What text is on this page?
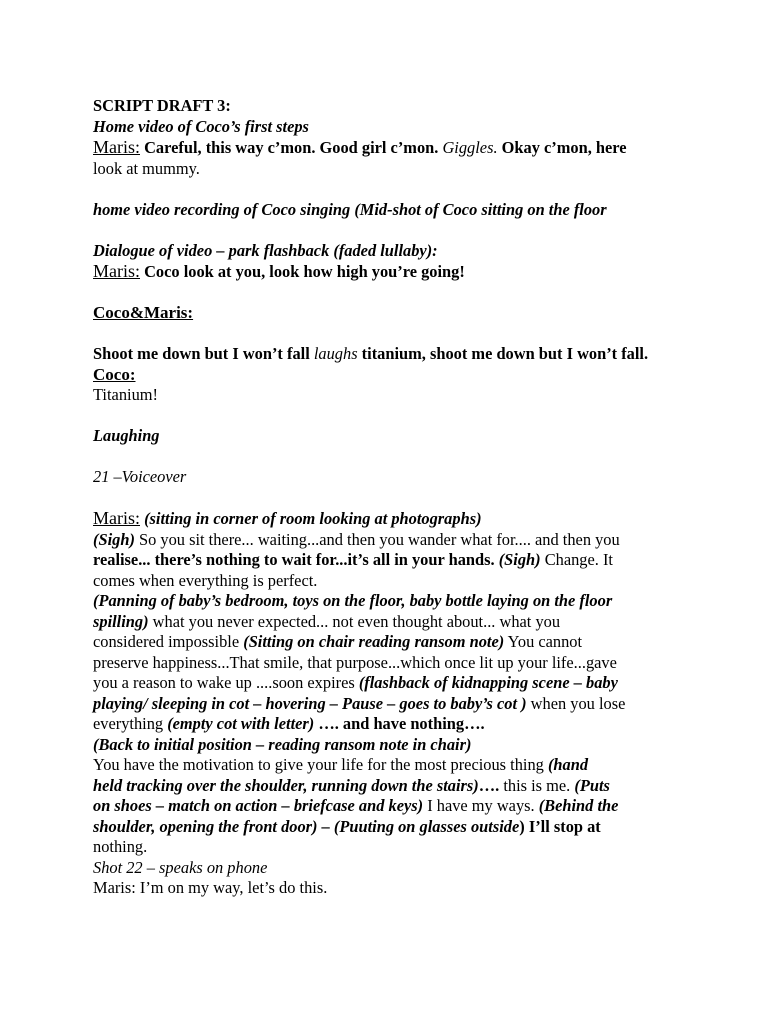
SCRIPT DRAFT 3:

Home video of Coco’s first steps

Maris: Careful, this way c’mon. Good girl c’mon. Giggles. Okay c’mon, here
look at mummy.

home video recording of Coco singing (Mid-shot of Coco sitting on the floor

Dialogue of video – park flashback (faded lullaby):

Maris: Coco look at you, look how high you’re going!

Coco&Maris:

Shoot me down but I won’t fall laughs titanium, shoot me down but I won’t fall.

Coco:

Titanium!

Laughing

21 –Voiceover

Maris: (sitting in corner of room looking at photographs)
(Sigh) So you sit there... waiting...and then you wander what for.... and then you
realise... there’s nothing to wait for...it’s all in your hands. (Sigh) Change. It
comes when everything is perfect.
(Panning of baby’s bedroom, toys on the floor, baby bottle laying on the floor
spilling) what you never expected... not even thought about... what you
considered impossible (Sitting on chair reading ransom note) You cannot
preserve happiness...That smile, that purpose...which once lit up your life...gave
you a reason to wake up ....soon expires (flashback of kidnapping scene – baby
playing/ sleeping in cot – hovering – Pause – goes to baby’s cot ) when you lose
everything (empty cot with letter) …. and have nothing….
(Back to initial position – reading ransom note in chair)
You have the motivation to give your life for the most precious thing (hand
held tracking over the shoulder, running down the stairs)…. this is me. (Puts
on shoes – match on action – briefcase and keys) I have my ways. (Behind the
shoulder, opening the front door) – (Puuting on glasses outside) I’ll stop at
nothing.

Shot 22 – speaks on phone

Maris: I’m on my way, let’s do this.
